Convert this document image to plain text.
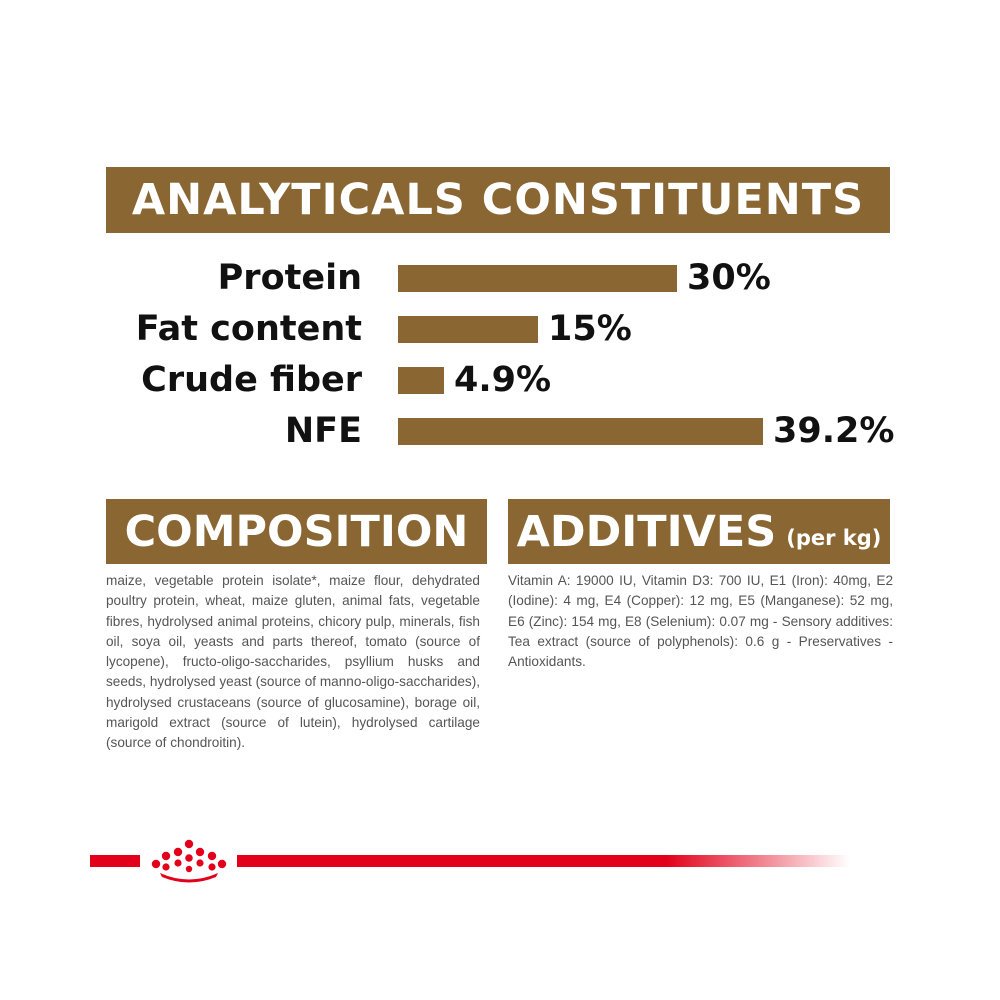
ANALYTICALS CONSTITUENTS
Protein	30%
Fat content	15%
Crude fiber	4.9%
NFE	39.2%
COMPOSITION

maize, vegetable protein isolate*, maize flour, dehydrated poultry protein, wheat, maize gluten, animal fats, vegetable fibres, hydrolysed animal proteins, chicory pulp, minerals, fish oil, soya oil, yeasts and parts thereof, tomato (source of lycopene), fructo-oligo-saccharides, psyllium husks and seeds, hydrolysed yeast (source of manno-oligo-saccharides), hydrolysed crustaceans (source of glucosamine), borage oil, marigold extract (source of lutein), hydrolysed cartilage (source of chondroitin).

ADDITIVES (per kg)

Vitamin A: 19000 IU, Vitamin D3: 700 IU, E1 (Iron): 40mg, E2 (Iodine): 4 mg, E4 (Copper): 12 mg, E5 (Manganese): 52 mg, E6 (Zinc): 154 mg, E8 (Selenium): 0.07 mg - Sensory additives: Tea extract (source of polyphenols): 0.6 g - Preservatives - Antioxidants.
